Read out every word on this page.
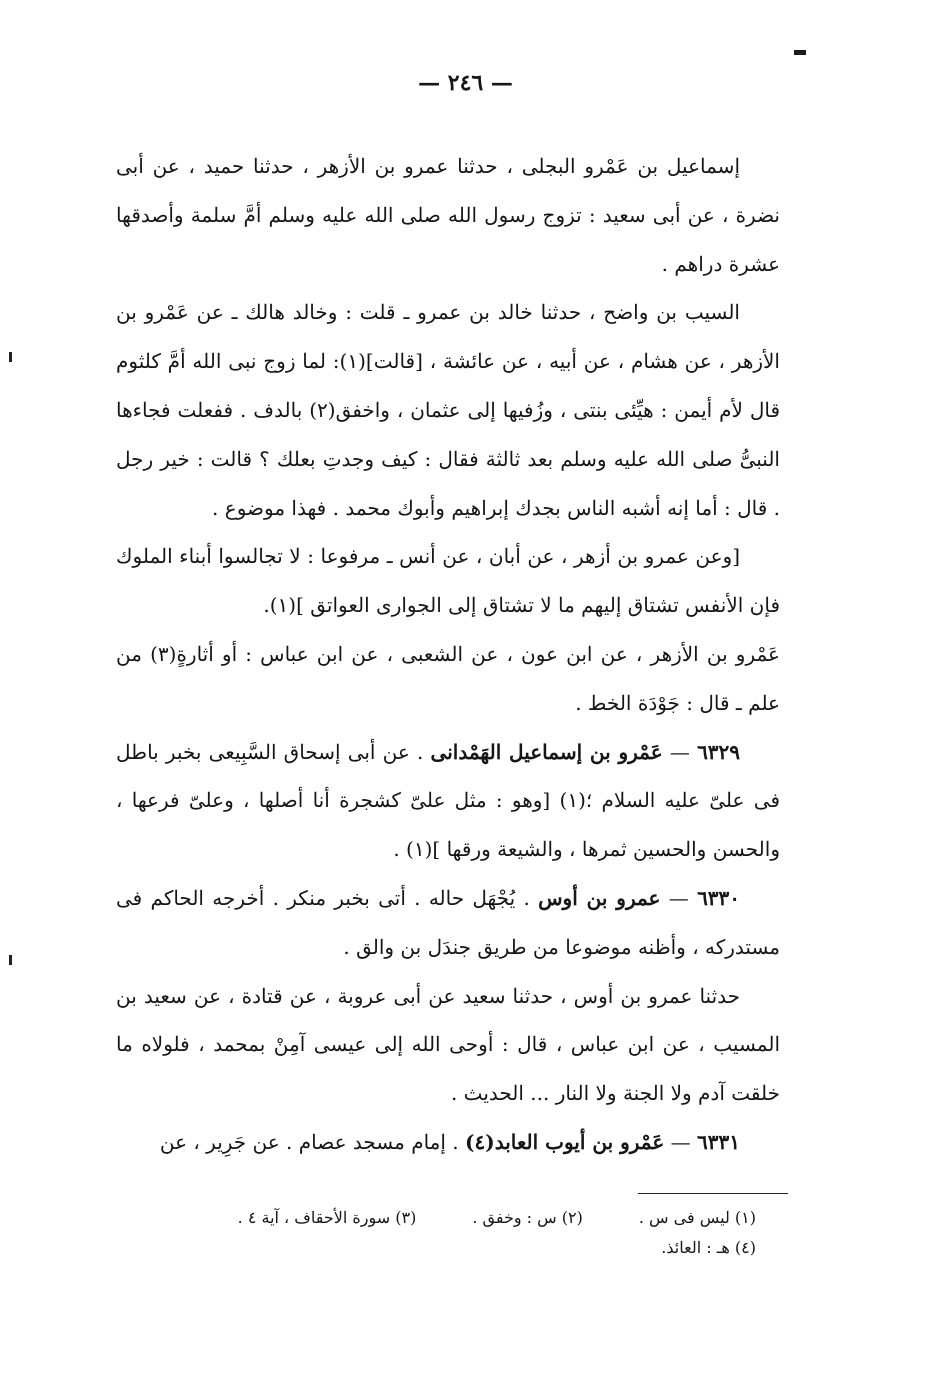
— ٢٤٦ —

إسماعيل بن عَمْرو البجلى ، حدثنا عمرو بن الأزهر ، حدثنا حميد ، عن أبى نضرة ، عن أبى سعيد : تزوج رسول الله صلى الله عليه وسلم أمَّ سلمة وأصدقها عشرة دراهم .

السيب بن واضح ، حدثنا خالد بن عمرو ـ قلت : وخالد هالك ـ عن عَمْرو بن الأزهر ، عن هشام ، عن أبيه ، عن عائشة ، [قالت](١): لما زوج نبى الله أمَّ كلثوم قال لأم أيمن : هيِّئى بنتى ، وزُفيها إلى عثمان ، واخفق(٢) بالدف . ففعلت فجاءها النبىُّ صلى الله عليه وسلم بعد ثالثة فقال : كيف وجدتِ بعلك ؟ قالت : خير رجل . قال : أما إنه أشبه الناس بجدك إبراهيم وأبوك محمد . فهذا موضوع .

[وعن عمرو بن أزهر ، عن أبان ، عن أنس ـ مرفوعا : لا تجالسوا أبناء الملوك فإن الأنفس تشتاق إليهم ما لا تشتاق إلى الجوارى العواتق ](١).

عَمْرو بن الأزهر ، عن ابن عون ، عن الشعبى ، عن ابن عباس : أو أثارةٍ(٣) من علم ـ قال : جَوْدَة الخط .

٦٣٢٩ — عَمْرو بن إسماعيل الهَمْدانى . عن أبى إسحاق السَّبِيعى بخبر باطل فى علىّ عليه السلام ؛(١) [وهو : مثل علىّ كشجرة أنا أصلها ، وعلىّ فرعها ، والحسن والحسين ثمرها ، والشيعة ورقها ](١) .

٦٣٣٠ — عمرو بن أوس . يُجْهَل حاله . أتى بخبر منكر . أخرجه الحاكم فى مستدركه ، وأظنه موضوعا من طريق جندَل بن والق .

حدثنا عمرو بن أوس ، حدثنا سعيد عن أبى عروبة ، عن قتادة ، عن سعيد بن المسيب ، عن ابن عباس ، قال : أوحى الله إلى عيسى آمِنْ بمحمد ، فلولاه ما خلقت آدم ولا الجنة ولا النار ... الحديث .

٦٣٣١ — عَمْرو بن أيوب العابد(٤) . إمام مسجد عصام . عن جَرِير ، عن

(١) ليس فى س .
(٢) س : وخفق .
(٣) سورة الأحقاف ، آية ٤ .
(٤) هـ : العائذ.
